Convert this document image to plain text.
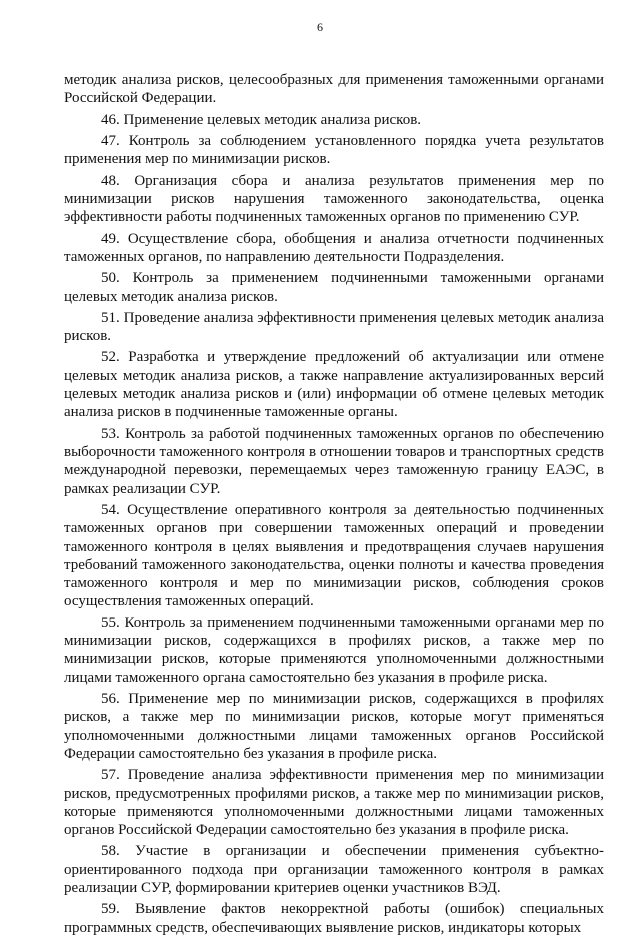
6

методик анализа рисков, целесообразных для применения таможенными органами Российской Федерации.

46. Применение целевых методик анализа рисков.

47. Контроль за соблюдением установленного порядка учета результатов применения мер по минимизации рисков.

48. Организация сбора и анализа результатов применения мер по минимизации рисков нарушения таможенного законодательства, оценка эффективности работы подчиненных таможенных органов по применению СУР.

49. Осуществление сбора, обобщения и анализа отчетности подчиненных таможенных органов, по направлению деятельности Подразделения.

50. Контроль за применением подчиненными таможенными органами целевых методик анализа рисков.

51. Проведение анализа эффективности применения целевых методик анализа рисков.

52. Разработка и утверждение предложений об актуализации или отмене целевых методик анализа рисков, а также направление актуализированных версий целевых методик анализа рисков и (или) информации об отмене целевых методик анализа рисков в подчиненные таможенные органы.

53. Контроль за работой подчиненных таможенных органов по обеспечению выборочности таможенного контроля в отношении товаров и транспортных средств международной перевозки, перемещаемых через таможенную границу ЕАЭС, в рамках реализации СУР.

54. Осуществление оперативного контроля за деятельностью подчиненных таможенных органов при совершении таможенных операций и проведении таможенного контроля в целях выявления и предотвращения случаев нарушения требований таможенного законодательства, оценки полноты и качества проведения таможенного контроля и мер по минимизации рисков, соблюдения сроков осуществления таможенных операций.

55. Контроль за применением подчиненными таможенными органами мер по минимизации рисков, содержащихся в профилях рисков, а также мер по минимизации рисков, которые применяются уполномоченными должностными лицами таможенного органа самостоятельно без указания в профиле риска.

56. Применение мер по минимизации рисков, содержащихся в профилях рисков, а также мер по минимизации рисков, которые могут применяться уполномоченными должностными лицами таможенных органов Российской Федерации самостоятельно без указания в профиле риска.

57. Проведение анализа эффективности применения мер по минимизации рисков, предусмотренных профилями рисков, а также мер по минимизации рисков, которые применяются уполномоченными должностными лицами таможенных органов Российской Федерации самостоятельно без указания в профиле риска.

58. Участие в организации и обеспечении применения субъектно-ориентированного подхода при организации таможенного контроля в рамках реализации СУР, формировании критериев оценки участников ВЭД.

59. Выявление фактов некорректной работы (ошибок) специальных программных средств, обеспечивающих выявление рисков, индикаторы которых
